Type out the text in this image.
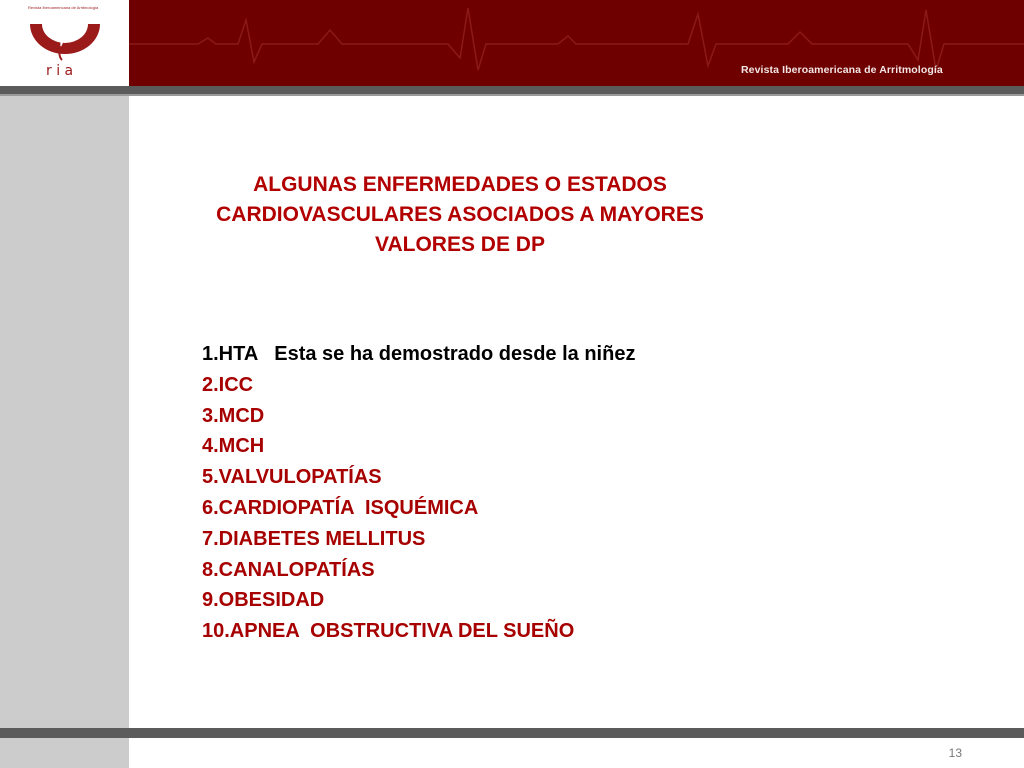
Revista Iberoamericana de Arritmología
r i a	Revista Iberoamericana de Arritmología
ALGUNAS ENFERMEDADES O ESTADOS
CARDIOVASCULARES ASOCIADOS A MAYORES
VALORES DE DP
1.HTA   Esta se ha demostrado desde la niñez
2.ICC
3.MCD
4.MCH
5.VALVULOPATÍAS
6.CARDIOPATÍA  ISQUÉMICA
7.DIABETES MELLITUS
8.CANALOPATÍAS
9.OBESIDAD
10.APNEA  OBSTRUCTIVA DEL SUEÑO
13
